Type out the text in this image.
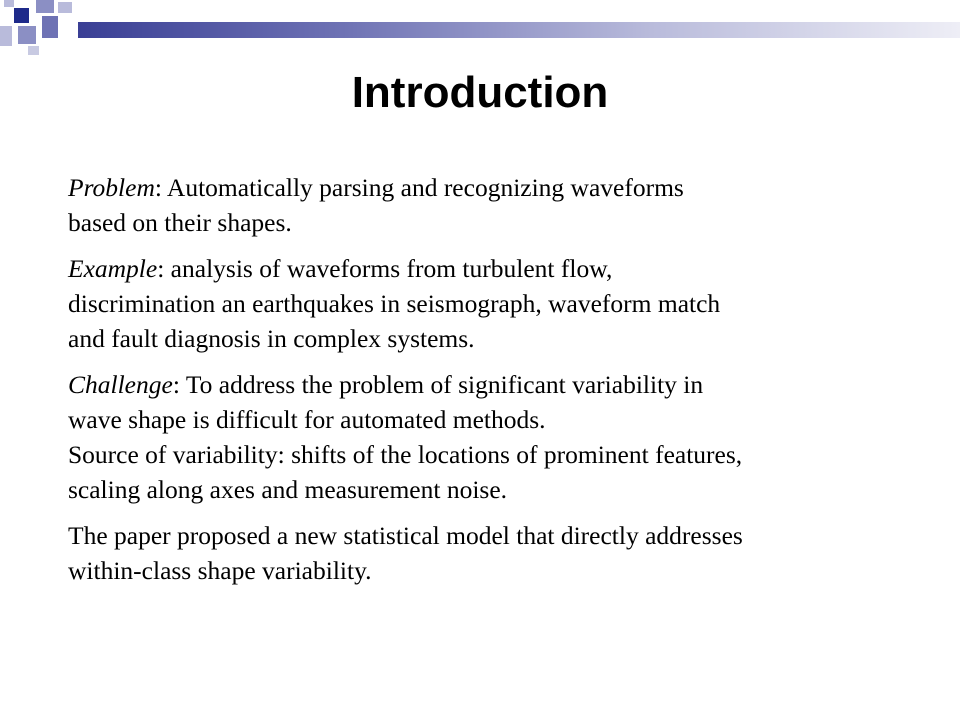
Introduction

Problem: Automatically parsing and recognizing waveforms
based on their shapes.

Example: analysis of waveforms from turbulent flow,
discrimination an earthquakes in seismograph, waveform match
and fault diagnosis in complex systems.

Challenge: To address the problem of significant variability in
wave shape is difficult for automated methods.

Source of variability: shifts of the locations of prominent features,
scaling along axes and measurement noise.

The paper proposed a new statistical model that directly addresses
within-class shape variability.
